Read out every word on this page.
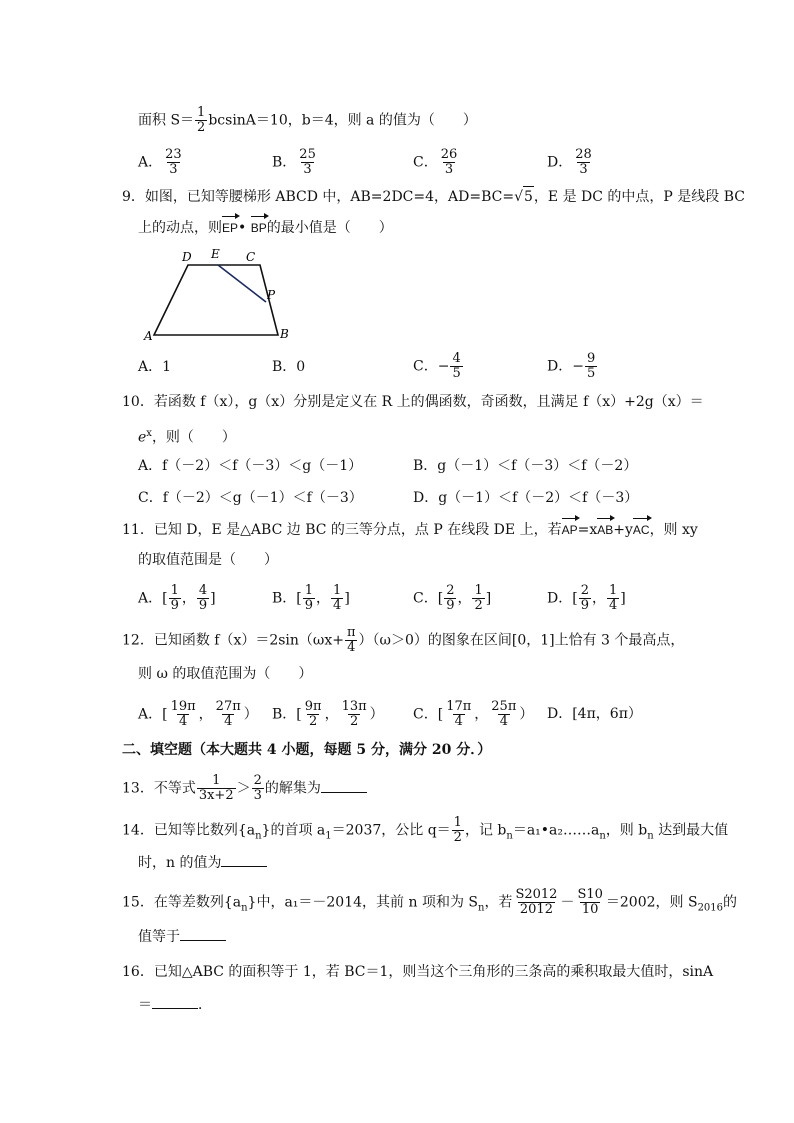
面积 $S= \frac{1}{2} bcsinA=10$，b＝4，则 a 的值为（　　）
A． $\frac{23}{3}$	B． $\frac{25}{3}$	C． $\frac{26}{3}$	D． $\frac{28}{3}$
9．如图，已知等腰梯形 ABCD 中，AB=2DC=4，AD=BC=√5，E 是 DC 的中点，P 是线段 BC
上的动点，则EP• BP的最小值是（　　）
D E C
P
A	B
A．1	B．0	C．− $\frac{4}{5}$	D．− $\frac{9}{5}$
10．若函数 f（x），g（x）分别是定义在 R 上的偶函数，奇函数，且满足 f（x）+2g（x）＝
$e^x$，则（　　）
A．f（－2）＜f（－3）＜g（－1）	B．g（－1）＜f（－3）＜f（－2）
C．f（－2）＜g（－1）＜f（－3）	D．g（－1）＜f（－2）＜f（－3）
11．已知 D，E 是△ABC 边 BC 的三等分点，点 P 在线段 DE 上，若AP=xAB+yAC，则 xy
的取值范围是（　　）
A．[ $\frac{1}{9}$ ， $\frac{4}{9}$ ]	B．[ $\frac{1}{9}$ ， $\frac{1}{4}$ ]	C．[ $\frac{2}{9}$ ， $\frac{1}{2}$ ]	D．[ $\frac{2}{9}$ ， $\frac{1}{4}$ ]
12．已知函数 $f(x)=2\sin(\omega x+ \frac{\pi}{4} )(\omega>0)$的图象在区间[0，1]上恰有 3 个最高点，
则 ω 的取值范围为（　　）
A．[ $\frac{19\pi}{4}$ ， $\frac{27\pi}{4}$ ） B．[ $\frac{9\pi}{2}$ ， $\frac{13\pi}{2}$ ） C．[ $\frac{17\pi}{4}$ ， $\frac{25\pi}{4}$ ） D．[4π，6π）
二、填空题（本大题共 4 小题，每题 5 分，满分 20 分．）
13．不等式 $\frac{1}{3x+2} > \frac{2}{3}$ 的解集为
14．已知等比数列$\{a_n\}$的首项 $a_1=2037$，公比 $q= \frac{1}{2}$ ，记 $b_n=a_1•a_2\dots\dots a_n$，则 $b_n$ 达到最大值
时，n 的值为
15．在等差数列$\{a_n\}$中，a₁＝－2014，其前 n 项和为 $S_n$，若 $\frac{S2012}{2012} - \frac{S10}{10} =2002$，则 $S_{2016}$的
值等于
16．已知△ABC 的面积等于 1，若 BC＝1，则当这个三角形的三条高的乘积取最大值时，sinA
＝	．
